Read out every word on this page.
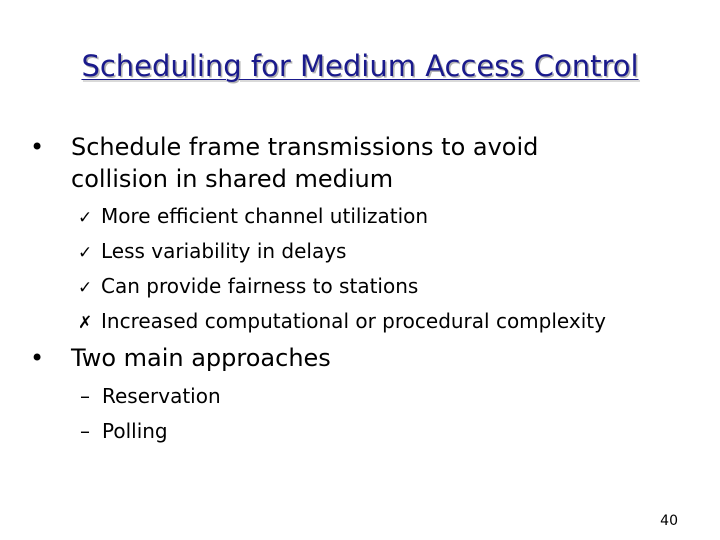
Scheduling for Medium Access Control
• Schedule frame transmissions to avoid
collision in shared medium
✓ More efficient channel utilization
✓ Less variability in delays
✓ Can provide fairness to stations
✗ Increased computational or procedural complexity
• Two main approaches
– Reservation
– Polling
40
